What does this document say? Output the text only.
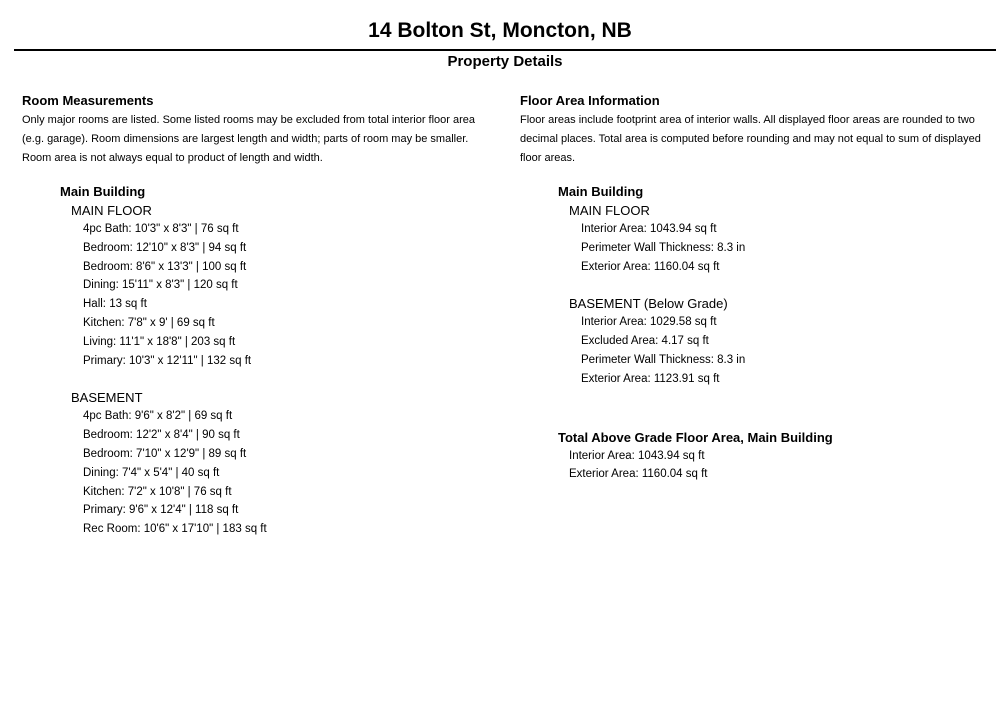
14 Bolton St, Moncton, NB
Property Details
Room Measurements
Only major rooms are listed. Some listed rooms may be excluded from total interior floor area (e.g. garage). Room dimensions are largest length and width; parts of room may be smaller. Room area is not always equal to product of length and width.
Main Building
MAIN FLOOR
4pc Bath: 10'3" x 8'3" | 76 sq ft
Bedroom: 12'10" x 8'3" | 94 sq ft
Bedroom: 8'6" x 13'3" | 100 sq ft
Dining: 15'11" x 8'3" | 120 sq ft
Hall: 13 sq ft
Kitchen: 7'8" x 9' | 69 sq ft
Living: 11'1" x 18'8" | 203 sq ft
Primary: 10'3" x 12'11" | 132 sq ft
BASEMENT
4pc Bath: 9'6" x 8'2" | 69 sq ft
Bedroom: 12'2" x 8'4" | 90 sq ft
Bedroom: 7'10" x 12'9" | 89 sq ft
Dining: 7'4" x 5'4" | 40 sq ft
Kitchen: 7'2" x 10'8" | 76 sq ft
Primary: 9'6" x 12'4" | 118 sq ft
Rec Room: 10'6" x 17'10" | 183 sq ft
Floor Area Information
Floor areas include footprint area of interior walls. All displayed floor areas are rounded to two decimal places. Total area is computed before rounding and may not equal to sum of displayed floor areas.
Main Building
MAIN FLOOR
Interior Area: 1043.94 sq ft
Perimeter Wall Thickness: 8.3 in
Exterior Area: 1160.04 sq ft
BASEMENT (Below Grade)
Interior Area: 1029.58 sq ft
Excluded Area: 4.17 sq ft
Perimeter Wall Thickness: 8.3 in
Exterior Area: 1123.91 sq ft
Total Above Grade Floor Area, Main Building
Interior Area: 1043.94 sq ft
Exterior Area: 1160.04 sq ft
